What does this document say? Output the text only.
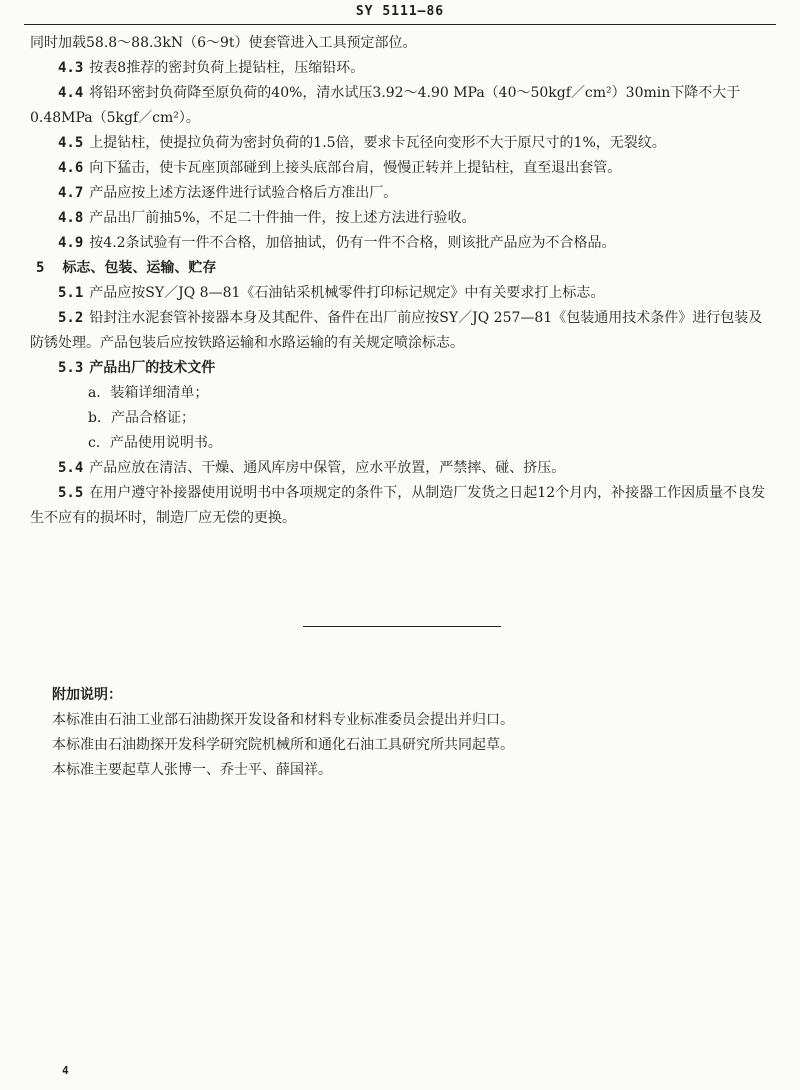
SY 5111—86

同时加载58.8～88.3kN（6～9t）使套管进入工具预定部位。

4.3 按表8推荐的密封负荷上提钻柱，压缩铅环。

4.4 将铅环密封负荷降至原负荷的40%，清水试压3.92～4.90 MPa（40～50kgf／cm²）30min下降不大于0.48MPa（5kgf／cm²）。

4.5 上提钻柱，使提拉负荷为密封负荷的1.5倍，要求卡瓦径向变形不大于原尺寸的1%，无裂纹。

4.6 向下猛击，使卡瓦座顶部碰到上接头底部台肩，慢慢正转并上提钻柱，直至退出套管。

4.7 产品应按上述方法逐件进行试验合格后方准出厂。

4.8 产品出厂前抽5%，不足二十件抽一件，按上述方法进行验收。

4.9 按4.2条试验有一件不合格，加倍抽试，仍有一件不合格，则该批产品应为不合格品。

5 标志、包装、运输、贮存

5.1 产品应按SY／JQ 8—81《石油钻采机械零件打印标记规定》中有关要求打上标志。

5.2 铅封注水泥套管补接器本身及其配件、备件在出厂前应按SY／JQ 257—81《包装通用技术条件》进行包装及防锈处理。产品包装后应按铁路运输和水路运输的有关规定喷涂标志。

5.3 产品出厂的技术文件

a．装箱详细清单；

b．产品合格证；

c．产品使用说明书。

5.4 产品应放在清洁、干燥、通风库房中保管，应水平放置，严禁摔、碰、挤压。

5.5 在用户遵守补接器使用说明书中各项规定的条件下，从制造厂发货之日起12个月内，补接器工作因质量不良发生不应有的损坏时，制造厂应无偿的更换。

附加说明：

本标准由石油工业部石油勘探开发设备和材料专业标准委员会提出并归口。

本标准由石油勘探开发科学研究院机械所和通化石油工具研究所共同起草。

本标准主要起草人张博一、乔士平、薛国祥。

4
